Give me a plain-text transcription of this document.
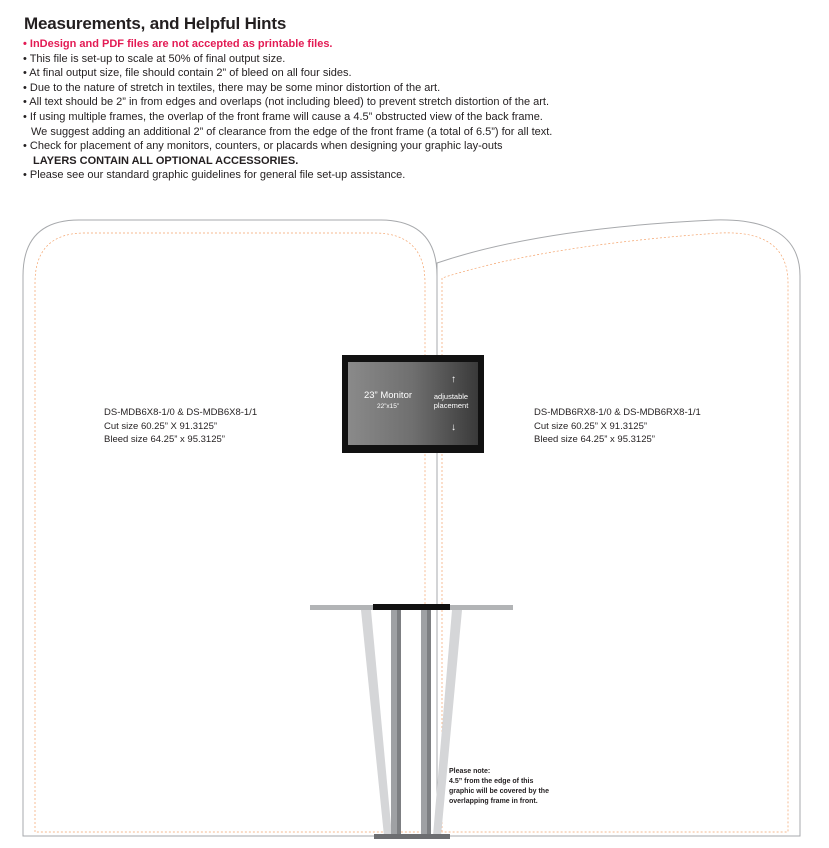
Measurements, and Helpful Hints
• InDesign and PDF files are not accepted as printable files.
• This file is set-up to scale at 50% of final output size.
• At final output size, file should contain 2” of bleed on all four sides.
• Due to the nature of stretch in textiles, there may be some minor distortion of the art.
• All text should be 2” in from edges and overlaps (not including bleed) to prevent stretch distortion of the art.
• If using multiple frames, the overlap of the front frame will cause a 4.5” obstructed view of the back frame.
We suggest adding an additional 2” of clearance from the edge of the front frame (a total of 6.5”) for all text.
• Check for placement of any monitors, counters, or placards when designing your graphic lay-outs
LAYERS CONTAIN ALL OPTIONAL ACCESSORIES.
• Please see our standard graphic guidelines for general file set-up assistance.
DS-MDB6X8-1/0 & DS-MDB6X8-1/1
Cut size 60.25” X 91.3125”
Bleed size 64.25” x 95.3125”
DS-MDB6RX8-1/0 & DS-MDB6RX8-1/1
Cut size 60.25” X 91.3125”
Bleed size 64.25” x 95.3125”
23” Monitor
22”x15”
↑
adjustable
placement
↓
Please note:
4.5” from the edge of this
graphic will be covered by the
overlapping frame in front.
